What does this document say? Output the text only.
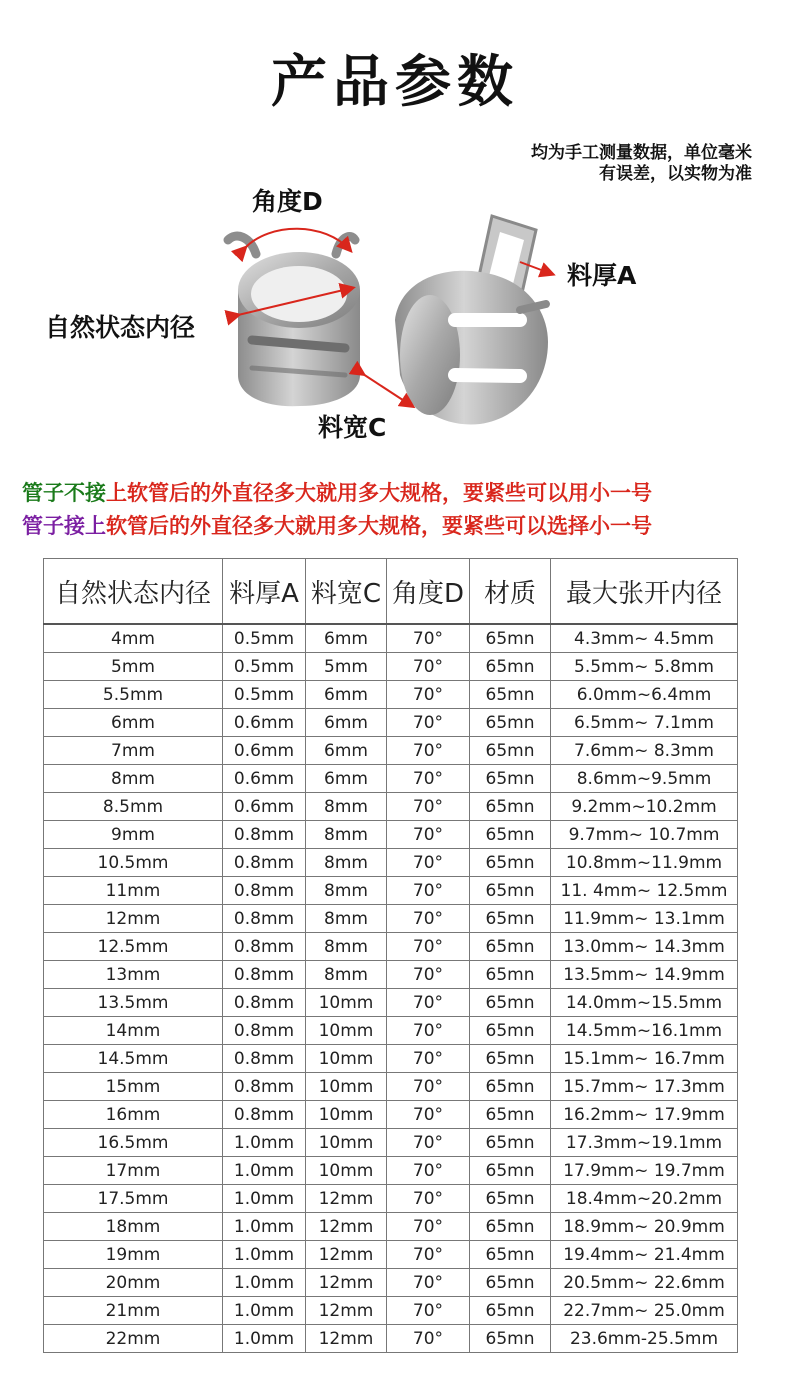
产品参数
均为手工测量数据，单位毫米
有误差，以实物为准
角度D
自然状态内径
料厚A
料宽C
管子不接上软管后的外直径多大就用多大规格，要紧些可以用小一号
管子接上软管后的外直径多大就用多大规格，要紧些可以选择小一号
自然状态内径	料厚A	料宽C	角度D	材质	最大张开内径
4mm	0.5mm	6mm	70°	65mn	4.3mm~ 4.5mm
5mm	0.5mm	5mm	70°	65mn	5.5mm~ 5.8mm
5.5mm	0.5mm	6mm	70°	65mn	6.0mm~6.4mm
6mm	0.6mm	6mm	70°	65mn	6.5mm~ 7.1mm
7mm	0.6mm	6mm	70°	65mn	7.6mm~ 8.3mm
8mm	0.6mm	6mm	70°	65mn	8.6mm~9.5mm
8.5mm	0.6mm	8mm	70°	65mn	9.2mm~10.2mm
9mm	0.8mm	8mm	70°	65mn	9.7mm~ 10.7mm
10.5mm	0.8mm	8mm	70°	65mn	10.8mm~11.9mm
11mm	0.8mm	8mm	70°	65mn	11. 4mm~ 12.5mm
12mm	0.8mm	8mm	70°	65mn	11.9mm~ 13.1mm
12.5mm	0.8mm	8mm	70°	65mn	13.0mm~ 14.3mm
13mm	0.8mm	8mm	70°	65mn	13.5mm~ 14.9mm
13.5mm	0.8mm	10mm	70°	65mn	14.0mm~15.5mm
14mm	0.8mm	10mm	70°	65mn	14.5mm~16.1mm
14.5mm	0.8mm	10mm	70°	65mn	15.1mm~ 16.7mm
15mm	0.8mm	10mm	70°	65mn	15.7mm~ 17.3mm
16mm	0.8mm	10mm	70°	65mn	16.2mm~ 17.9mm
16.5mm	1.0mm	10mm	70°	65mn	17.3mm~19.1mm
17mm	1.0mm	10mm	70°	65mn	17.9mm~ 19.7mm
17.5mm	1.0mm	12mm	70°	65mn	18.4mm~20.2mm
18mm	1.0mm	12mm	70°	65mn	18.9mm~ 20.9mm
19mm	1.0mm	12mm	70°	65mn	19.4mm~ 21.4mm
20mm	1.0mm	12mm	70°	65mn	20.5mm~ 22.6mm
21mm	1.0mm	12mm	70°	65mn	22.7mm~ 25.0mm
22mm	1.0mm	12mm	70°	65mn	23.6mm-25.5mm
